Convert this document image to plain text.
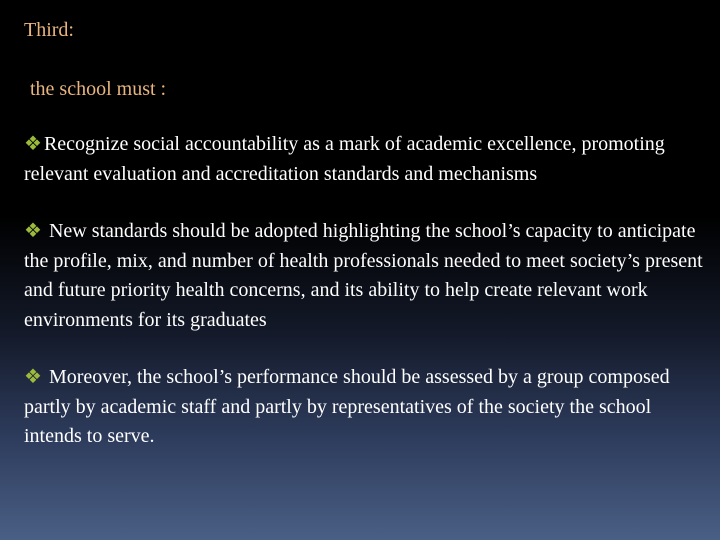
Third:
the school must :

❖ Recognize social accountability as a mark of academic excellence, promoting relevant evaluation and accreditation standards and mechanisms

❖ New standards should be adopted highlighting the school’s capacity to anticipate the profile, mix, and number of health professionals needed to meet society’s present and future priority health concerns, and its ability to help create relevant work environments for its graduates

❖ Moreover, the school’s performance should be assessed by a group composed partly by academic staff and partly by representatives of the society the school intends to serve.
